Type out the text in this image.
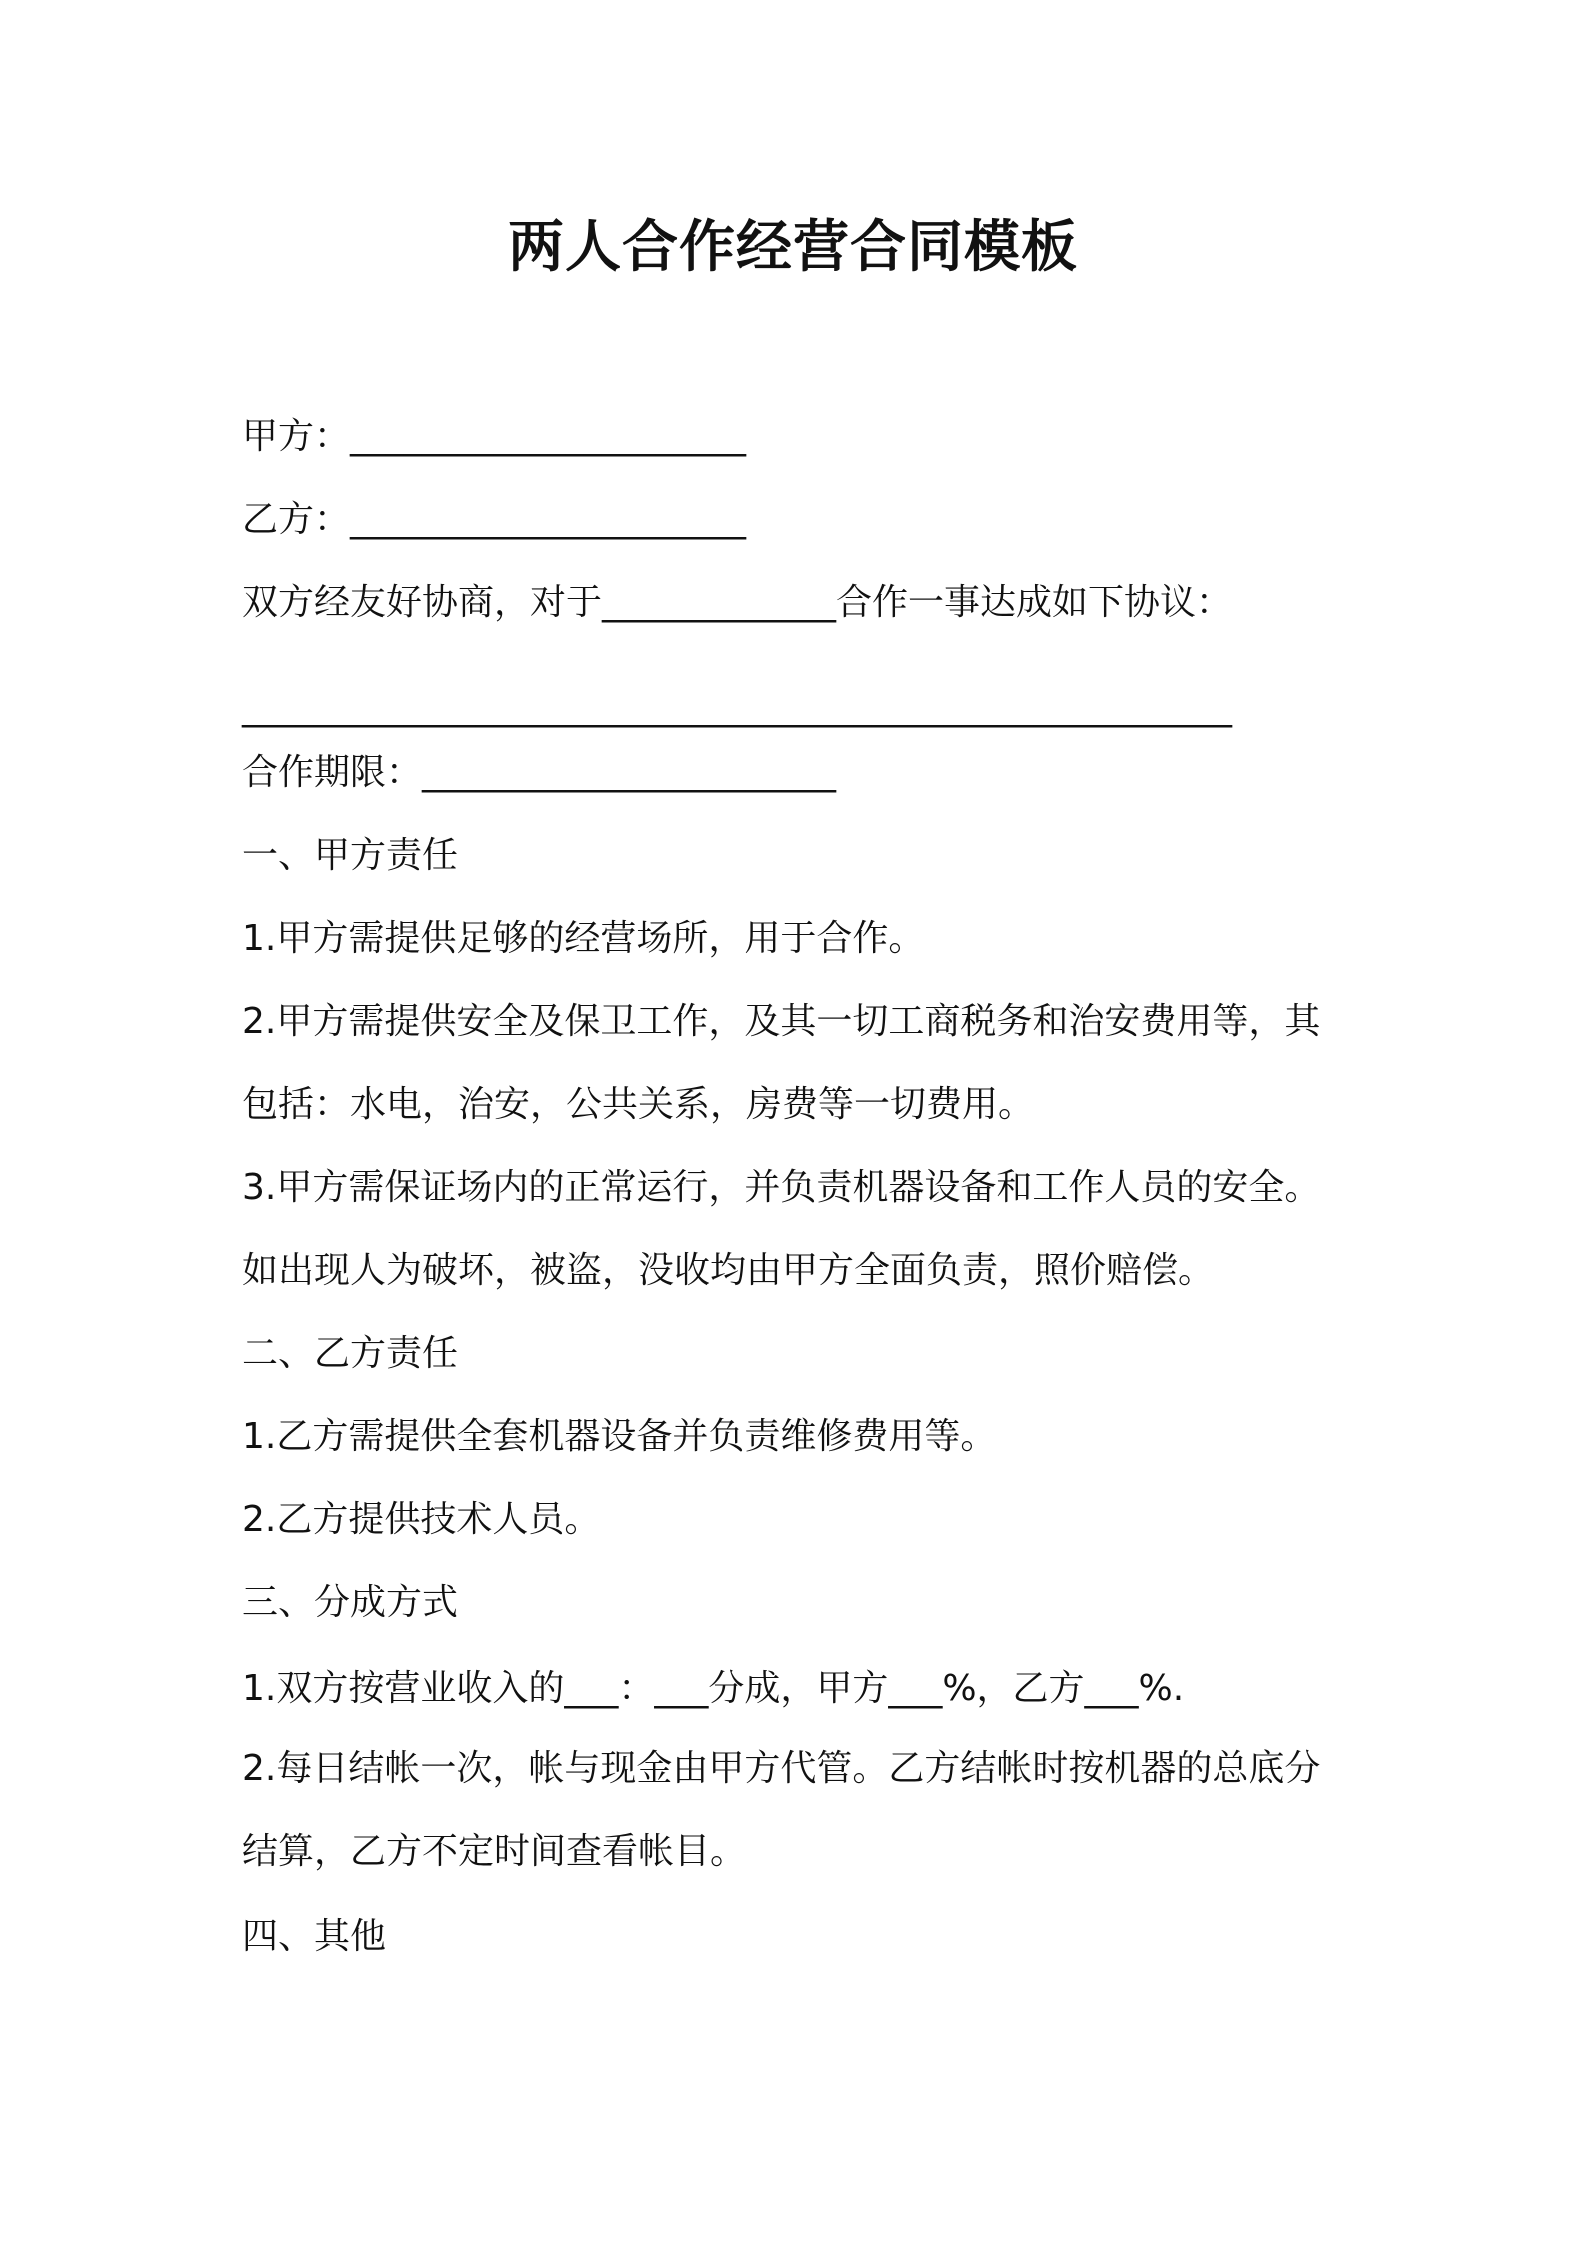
两人合作经营合同模板
甲方：______________________
乙方：______________________
双方经友好协商，对于_____________合作一事达成如下协议：
_______________________________________________________
合作期限：_______________________
一、甲方责任
1.甲方需提供足够的经营场所，用于合作。
2.甲方需提供安全及保卫工作，及其一切工商税务和治安费用等，其
包括：水电，治安，公共关系，房费等一切费用。
3.甲方需保证场内的正常运行，并负责机器设备和工作人员的安全。
如出现人为破坏，被盗，没收均由甲方全面负责，照价赔偿。
二、乙方责任
1.乙方需提供全套机器设备并负责维修费用等。
2.乙方提供技术人员。
三、分成方式
1.双方按营业收入的___：___分成，甲方___%，乙方___%.
2.每日结帐一次，帐与现金由甲方代管。乙方结帐时按机器的总底分
结算，乙方不定时间查看帐目。
四、其他
